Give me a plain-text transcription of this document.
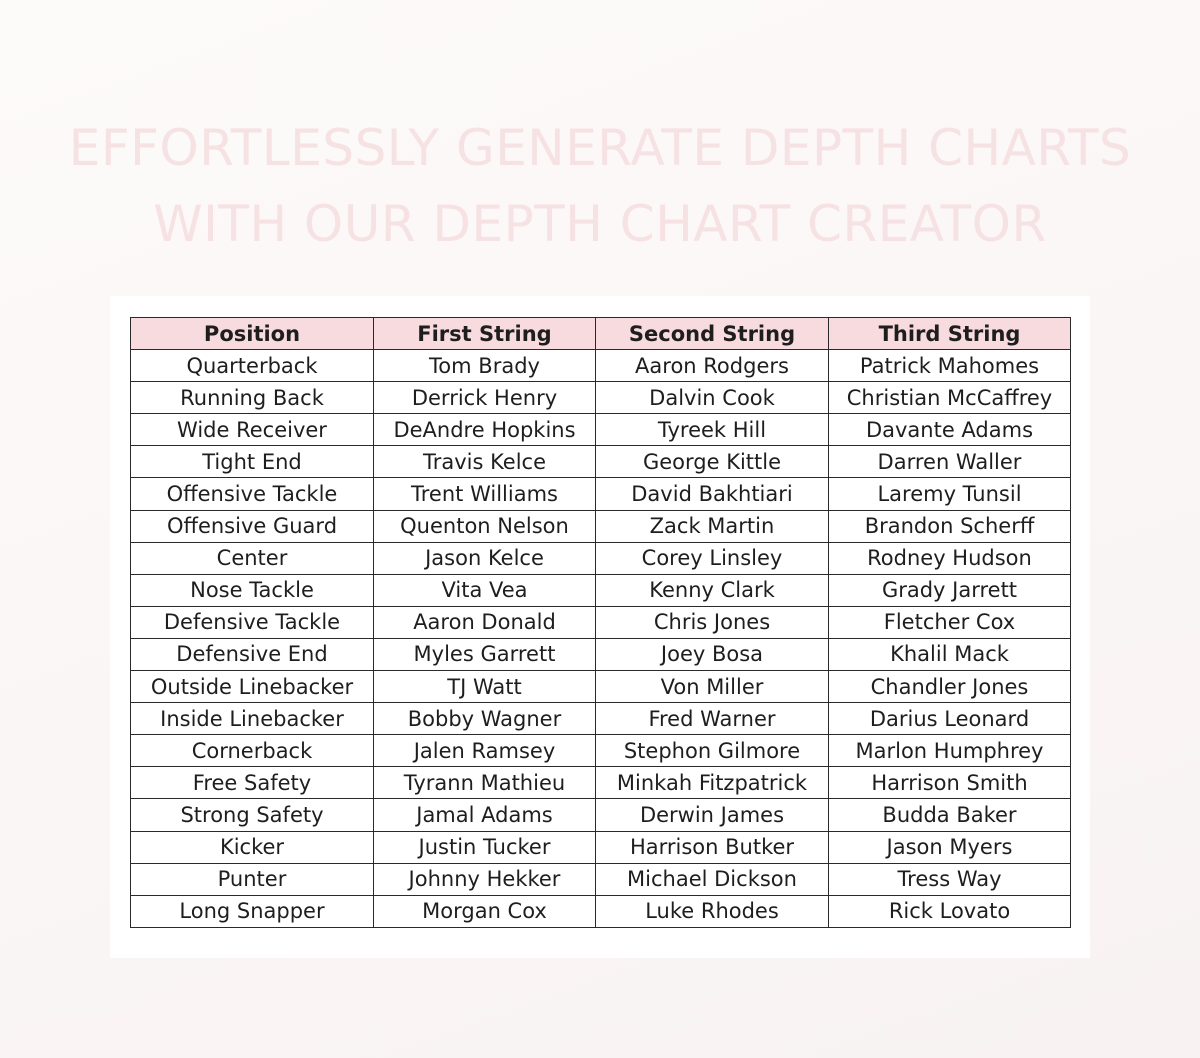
EFFORTLESSLY GENERATE DEPTH CHARTS
WITH OUR DEPTH CHART CREATOR
Position	First String	Second String	Third String
Quarterback	Tom Brady	Aaron Rodgers	Patrick Mahomes
Running Back	Derrick Henry	Dalvin Cook	Christian McCaffrey
Wide Receiver	DeAndre Hopkins	Tyreek Hill	Davante Adams
Tight End	Travis Kelce	George Kittle	Darren Waller
Offensive Tackle	Trent Williams	David Bakhtiari	Laremy Tunsil
Offensive Guard	Quenton Nelson	Zack Martin	Brandon Scherff
Center	Jason Kelce	Corey Linsley	Rodney Hudson
Nose Tackle	Vita Vea	Kenny Clark	Grady Jarrett
Defensive Tackle	Aaron Donald	Chris Jones	Fletcher Cox
Defensive End	Myles Garrett	Joey Bosa	Khalil Mack
Outside Linebacker	TJ Watt	Von Miller	Chandler Jones
Inside Linebacker	Bobby Wagner	Fred Warner	Darius Leonard
Cornerback	Jalen Ramsey	Stephon Gilmore	Marlon Humphrey
Free Safety	Tyrann Mathieu	Minkah Fitzpatrick	Harrison Smith
Strong Safety	Jamal Adams	Derwin James	Budda Baker
Kicker	Justin Tucker	Harrison Butker	Jason Myers
Punter	Johnny Hekker	Michael Dickson	Tress Way
Long Snapper	Morgan Cox	Luke Rhodes	Rick Lovato
